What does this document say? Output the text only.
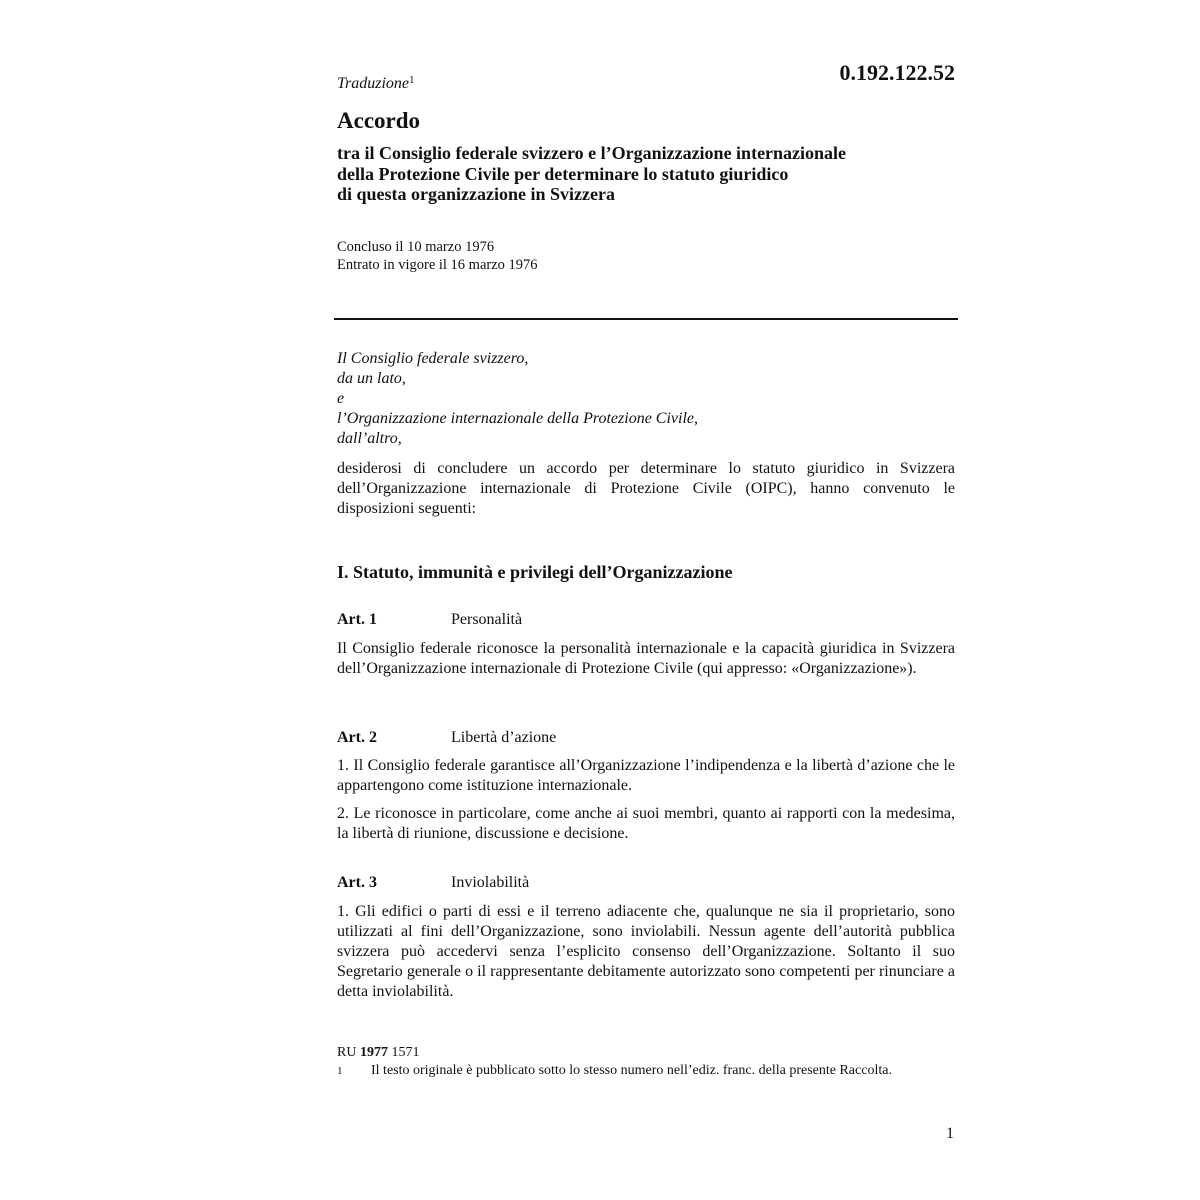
Traduzione$^1$	0.192.122.52
Accordo
tra il Consiglio federale svizzero e l’Organizzazione internazionale
della Protezione Civile per determinare lo statuto giuridico
di questa organizzazione in Svizzera
Concluso il 10 marzo 1976
Entrato in vigore il 16 marzo 1976
Il Consiglio federale svizzero,
da un lato,
e
l’Organizzazione internazionale della Protezione Civile,
dall’altro,
desiderosi di concludere un accordo per determinare lo statuto giuridico in Svizzera dell’Organizzazione internazionale di Protezione Civile (OIPC), hanno convenuto le disposizioni seguenti:
I. Statuto, immunità e privilegi dell’Organizzazione
Art. 1	Personalità

Il Consiglio federale riconosce la personalità internazionale e la capacità giuridica in Svizzera dell’Organizzazione internazionale di Protezione Civile (qui appresso: «Organizzazione»).

Art. 2	Libertà d’azione

1. Il Consiglio federale garantisce all’Organizzazione l’indipendenza e la libertà d’azione che le appartengono come istituzione internazionale.

2. Le riconosce in particolare, come anche ai suoi membri, quanto ai rapporti con la medesima, la libertà di riunione, discussione e decisione.

Art. 3	Inviolabilità

1. Gli edifici o parti di essi e il terreno adiacente che, qualunque ne sia il proprietario, sono utilizzati al fini dell’Organizzazione, sono inviolabili. Nessun agente dell’autorità pubblica svizzera può accedervi senza l’esplicito consenso dell’Organizzazione. Soltanto il suo Segretario generale o il rappresentante debitamente autorizzato sono competenti per rinunciare a detta inviolabilità.

RU 1977 1571
1	Il testo originale è pubblicato sotto lo stesso numero nell’ediz. franc. della presente Raccolta.
1
